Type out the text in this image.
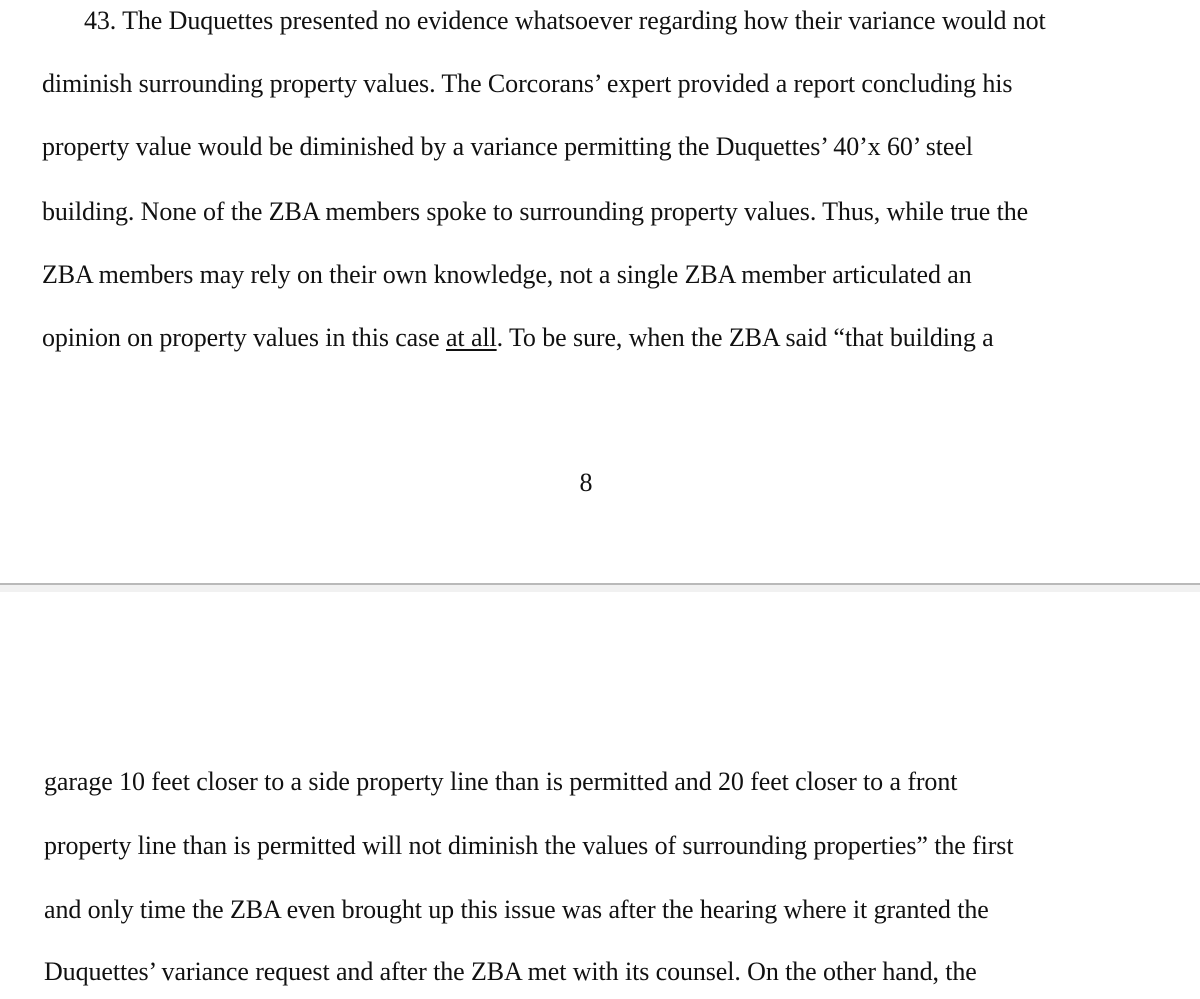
43. The Duquettes presented no evidence whatsoever regarding how their variance would not
diminish surrounding property values. The Corcorans’ expert provided a report concluding his
property value would be diminished by a variance permitting the Duquettes’ 40’x 60’ steel
building. None of the ZBA members spoke to surrounding property values. Thus, while true the
ZBA members may rely on their own knowledge, not a single ZBA member articulated an
opinion on property values in this case at all. To be sure, when the ZBA said “that building a
8
garage 10 feet closer to a side property line than is permitted and 20 feet closer to a front
property line than is permitted will not diminish the values of surrounding properties” the first
and only time the ZBA even brought up this issue was after the hearing where it granted the
Duquettes’ variance request and after the ZBA met with its counsel. On the other hand, the
